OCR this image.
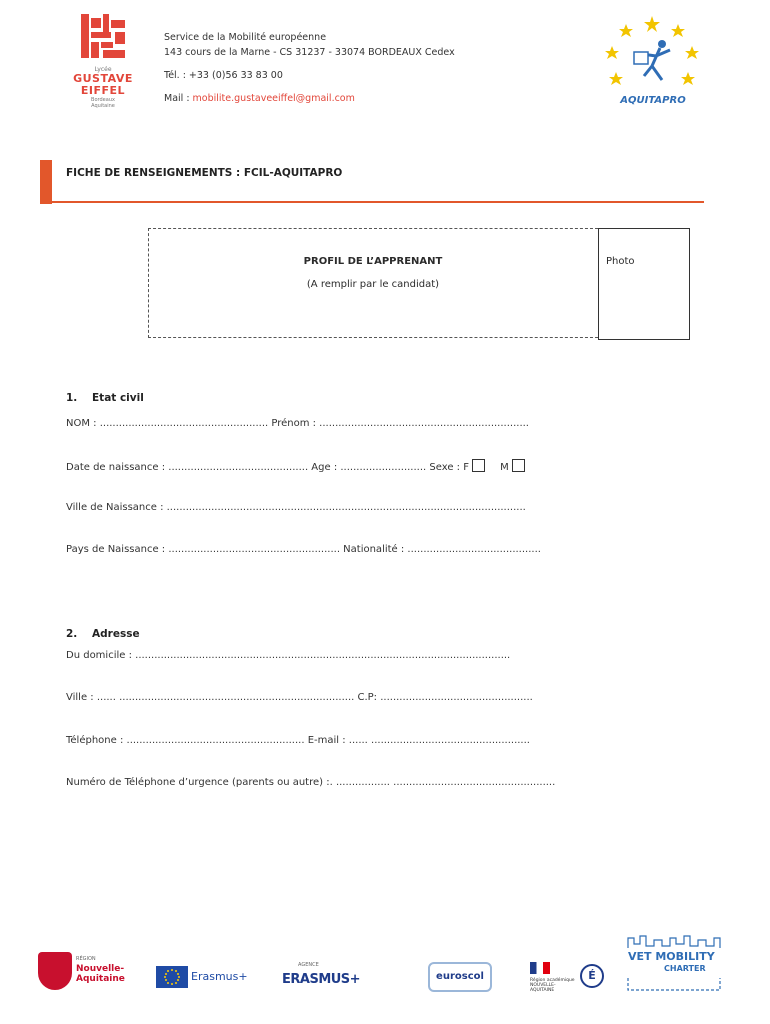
Lycée
GUSTAVE
EIFFEL
Bordeaux
Aquitaine
Service de la Mobilité européenne
143 cours de la Marne - CS 31237 - 33074 BORDEAUX Cedex
Tél. : +33 (0)56 33 83 00
Mail : mobilite.gustaveeiffel@gmail.com	AQUITAPRO
FICHE DE RENSEIGNEMENTS : FCIL-AQUITAPRO
PROFIL DE L’APPRENANT
(A remplir par le candidat)
Photo
1. Etat civil
NOM : ..................................................... Prénom : ..................................................................
Date de naissance : ............................................ Age : ........................... Sexe : F	M
Ville de Naissance : .................................................................................................................
Pays de Naissance : ...................................................... Nationalité : ..........................................
2. Adresse
Du domicile : ......................................................................................................................
Ville : ...... .......................................................................... C.P: ................................................
Téléphone : ........................................................ E-mail : ...... ..................................................
Numéro de Téléphone d’urgence (parents ou autre) :. ................. ...................................................
RÉGION
Nouvelle-
Aquitaine	Erasmus+
AGENCE
ERASMUS+	euroscol	Région académique NOUVELLE-AQUITAINE
É
VET MOBILITY
CHARTER
